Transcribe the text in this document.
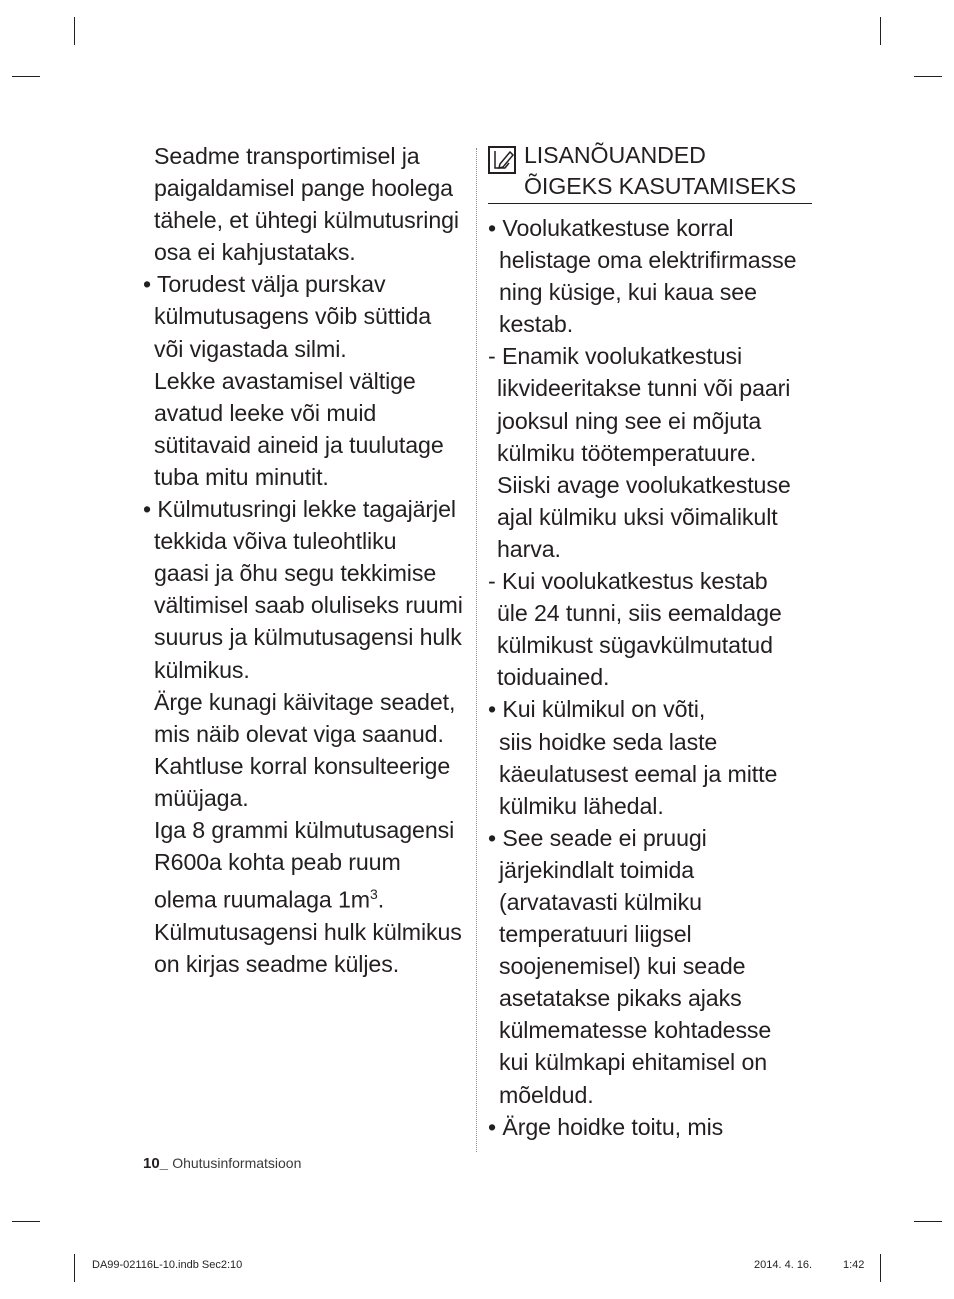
Seadme transportimisel ja

paigaldamisel pange hoolega

tähele, et ühtegi külmutusringi

osa ei kahjustataks.

• Torudest välja purskav

külmutusagens võib süttida

või vigastada silmi.

Lekke avastamisel vältige

avatud leeke või muid

sütitavaid aineid ja tuulutage

tuba mitu minutit.

• Külmutusringi lekke tagajärjel

tekkida võiva tuleohtliku

gaasi ja õhu segu tekkimise

vältimisel saab oluliseks ruumi

suurus ja külmutusagensi hulk

külmikus.

Ärge kunagi käivitage seadet,

mis näib olevat viga saanud.

Kahtluse korral konsulteerige

müüjaga.

Iga 8 grammi külmutusagensi

R600a kohta peab ruum

olema ruumalaga $1m^3$.

Külmutusagensi hulk külmikus

on kirjas seadme küljes.

LISANÕUANDED

ÕIGEKS KASUTAMISEKS

• Voolukatkestuse korral

helistage oma elektrifirmasse

ning küsige, kui kaua see

kestab.

- Enamik voolukatkestusi

likvideeritakse tunni või paari

jooksul ning see ei mõjuta

külmiku töötemperatuure.

Siiski avage voolukatkestuse

ajal külmiku uksi võimalikult

harva.

- Kui voolukatkestus kestab

üle 24 tunni, siis eemaldage

külmikust sügavkülmutatud

toiduained.

• Kui külmikul on võti,

siis hoidke seda laste

käeulatusest eemal ja mitte

külmiku lähedal.

• See seade ei pruugi

järjekindlalt toimida

(arvatavasti külmiku

temperatuuri liigsel

soojenemisel) kui seade

asetatakse pikaks ajaks

külmematesse kohtadesse

kui külmkapi ehitamisel on

mõeldud.

• Ärge hoidke toitu, mis

10_ Ohutusinformatsioon
DA99-02116L-10.indb Sec2:10	2014. 4. 16.	1:42
